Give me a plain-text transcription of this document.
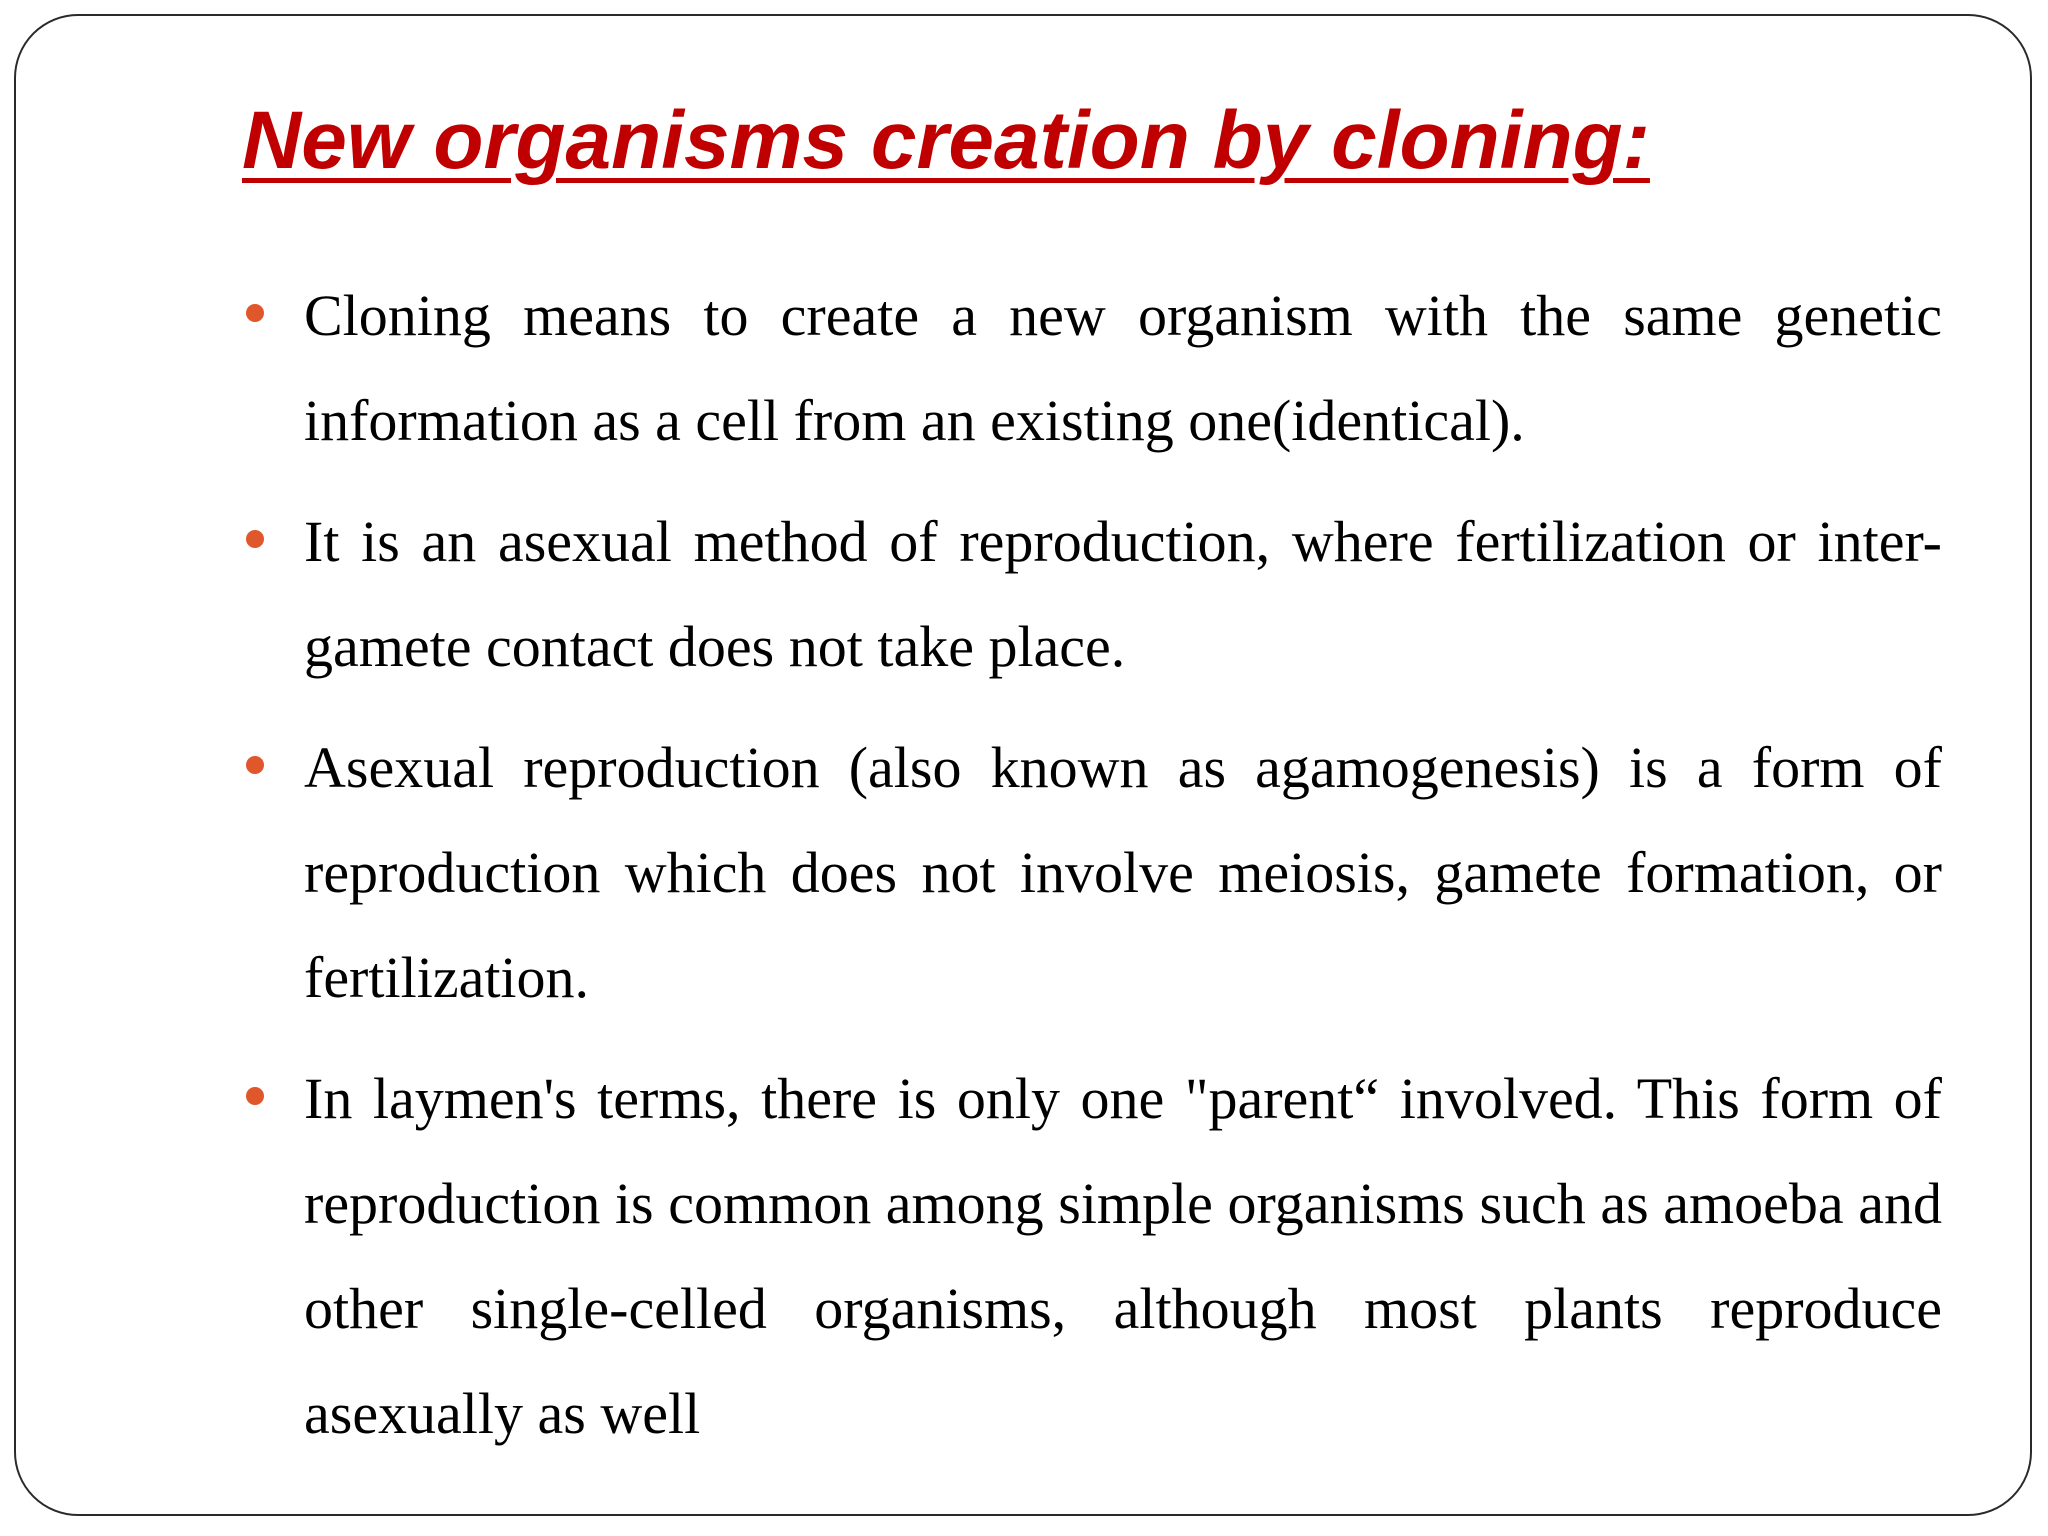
New organisms creation by cloning:
Cloning means to create a new organism with the same genetic information as a cell from an existing one(identical).
It is an asexual method of reproduction, where fertilization or inter-gamete contact does not take place.
Asexual reproduction (also known as agamogenesis) is a form of reproduction which does not involve meiosis, gamete formation, or fertilization.
In laymen's terms, there is only one "parent“ involved. This form of reproduction is common among simple organisms such as amoeba and other single-celled organisms, although most plants reproduce asexually as well
